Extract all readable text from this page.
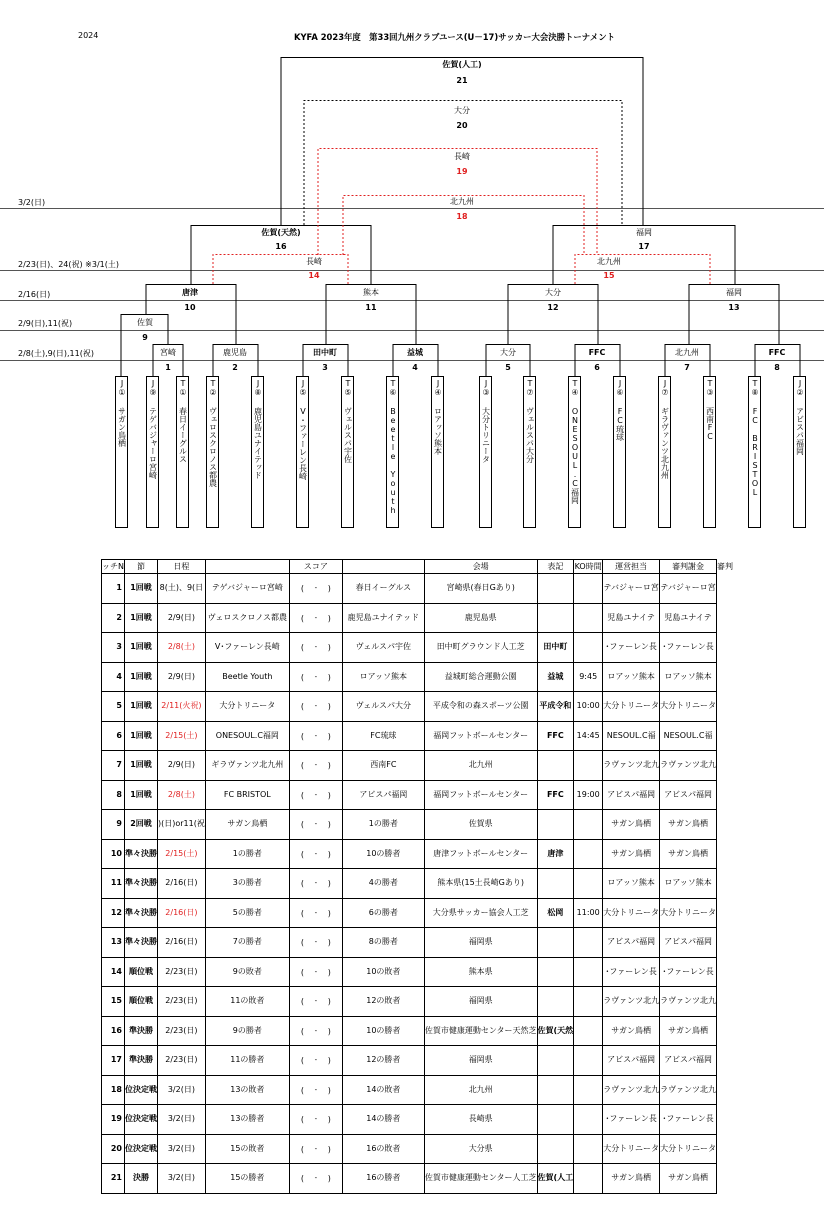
2024	KYFA 2023年度　第33回九州クラブユース(U－17)サッカー大会決勝トーナメント
3/2(日)
2/23(日)、24(祝) ※3/1(土)
2/16(日)
2/9(日),11(祝)
2/8(土),9(日),11(祝)
佐賀(人工)
21
大分
20
長崎
19
北九州
18
佐賀(天然)
16
福岡
17
長崎
14
北九州
15
唐津
10
熊本
11
大分
12
福岡
13
佐賀
9
宮崎
1
鹿児島
2
田中町
3
益城
4
大分
5
FFC
6
北九州
7
FFC
8
J①
サガン鳥栖
J⑨
テゲバジャーロ宮崎
T①
春日イーグルス
T②
ヴェロスクロノス都農
J⑧
鹿児島ユナイテッド
J⑤
V・ファーレン長崎
T⑤
ヴェルスパ宇佐
T⑥
Beetle Youth
J④
ロアッソ熊本
J③
大分トリニータ
T⑦
ヴェルスパ大分
T④
ONESOUL.C福岡
J⑥
FC琉球
J⑦
ギラヴァンツ北九州
T③
西南FC
T⑧
FC BRISTOL
J②
アビスパ福岡
ッチN	節	日程		スコア		会場	表記	KO時間	運営担当	審判謝金	審判
1	1回戦	8(土)、9(日	テゲバジャーロ宮崎	( - )	春日イーグルス	宮崎県(春日Gあり)			テバジャーロ宮	テバジャーロ宮	
2	1回戦	2/9(日)	ヴェロスクロノス都農	( - )	鹿児島ユナイテッド	鹿児島県			児島ユナイテ	児島ユナイテ	
3	1回戦	2/8(土)	V･ファーレン長崎	( - )	ヴェルスパ宇佐	田中町グラウンド人工芝	田中町		･ファーレン長	･ファーレン長	
4	1回戦	2/9(日)	Beetle Youth	( - )	ロアッソ熊本	益城町総合運動公園	益城	9:45	ロアッソ熊本	ロアッソ熊本	
5	1回戦	2/11(火祝)	大分トリニータ	( - )	ヴェルスパ大分	平成令和の森スポーツ公園	平成令和	10:00	大分トリニータ	大分トリニータ	
6	1回戦	2/15(土)	ONESOUL.C福岡	( - )	FC琉球	福岡フットボールセンター	FFC	14:45	NESOUL.C福	NESOUL.C福	
7	1回戦	2/9(日)	ギラヴァンツ北九州	( - )	西南FC	北九州			ラヴァンツ北九	ラヴァンツ北九	
8	1回戦	2/8(土)	FC BRISTOL	( - )	アビスパ福岡	福岡フットボールセンター	FFC	19:00	アビスパ福岡	アビスパ福岡	
9	2回戦	)(日)or11(祝	サガン鳥栖	( - )	1の勝者	佐賀県			サガン鳥栖	サガン鳥栖	
10	準々決勝	2/15(土)	1の勝者	( - )	10の勝者	唐津フットボールセンター	唐津		サガン鳥栖	サガン鳥栖	
11	準々決勝	2/16(日)	3の勝者	( - )	4の勝者	熊本県(15土長崎Gあり)			ロアッソ熊本	ロアッソ熊本	
12	準々決勝	2/16(日)	5の勝者	( - )	6の勝者	大分県サッカー協会人工芝	松岡	11:00	大分トリニータ	大分トリニータ	
13	準々決勝	2/16(日)	7の勝者	( - )	8の勝者	福岡県			アビスパ福岡	アビスパ福岡	
14	順位戦	2/23(日)	9の敗者	( - )	10の敗者	熊本県			･ファーレン長	･ファーレン長	
15	順位戦	2/23(日)	11の敗者	( - )	12の敗者	福岡県			ラヴァンツ北九	ラヴァンツ北九	
16	準決勝	2/23(日)	9の勝者	( - )	10の勝者	佐賀市健康運動センター天然芝	佐賀(天然		サガン鳥栖	サガン鳥栖	
17	準決勝	2/23(日)	11の勝者	( - )	12の勝者	福岡県			アビスパ福岡	アビスパ福岡	
18	位決定戦	3/2(日)	13の敗者	( - )	14の敗者	北九州			ラヴァンツ北九	ラヴァンツ北九	
19	位決定戦	3/2(日)	13の勝者	( - )	14の勝者	長崎県			･ファーレン長	･ファーレン長	
20	位決定戦	3/2(日)	15の敗者	( - )	16の敗者	大分県			大分トリニータ	大分トリニータ	
21	決勝	3/2(日)	15の勝者	( - )	16の勝者	佐賀市健康運動センター人工芝	佐賀(人工		サガン鳥栖	サガン鳥栖	
